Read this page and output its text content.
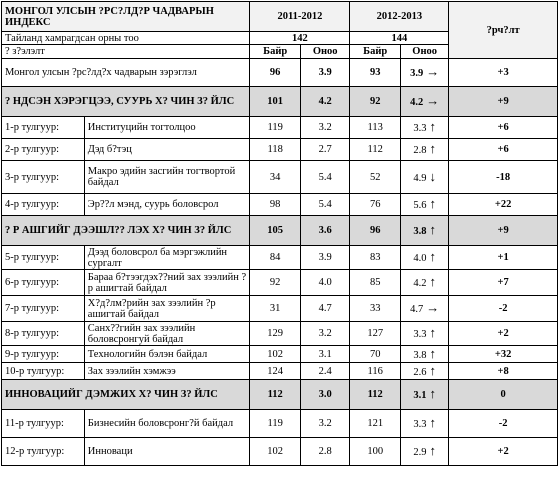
МОНГОЛ УЛСЫН ?РС?ЛД?Р ЧАДВАРЫН ИНДЕКС		2011-2012		2012-2013		?рч?лт

Тайланд хамрагдсан орны тоо		142		144		
? з?элэлт		Байр	Оноо	Байр	Оноо	
Монгол улсын ?рс?лд?х чадварын зэрэглэл		96	3.9	93	3.9 →	+3
? НДСЭН ХЭРЭГЦЭЭ, СУУРЬ Х? ЧИН З? ЙЛС		101	4.2	92	4.2 →	+9
1-р тулгуур:	Институцийн тогтолцоо	119	3.2	113	3.3 ↑	+6
2-р тулгуур:	Дэд б?тэц	118	2.7	112	2.8 ↑	+6
3-р тулгуур:	Макро эдийн засгийн тогтвортой байдал	34	5.4	52	4.9 ↓	-18
4-р тулгуур:	Эр??л мэнд, суурь боловсрол	98	5.4	76	5.6 ↑	+22
? Р АШГИЙГ ДЭЭШЛ?? ЛЭХ Х? ЧИН З? ЙЛС		105	3.6	96	3.8 ↑	+9
5-р тулгуур:	Дээд боловсрол ба мэргэжлийн сургалт	84	3.9	83	4.0 ↑	+1
6-р тулгуур:	Бараа б?тээгдэх??ний зах зээлийн ?р ашигтай байдал	92	4.0	85	4.2 ↑	+7
7-р тулгуур:	Х?д?лм?рийн зах зээлийн ?р ашигтай байдал	31	4.7	33	4.7 →	-2
8-р тулгуур:	Санх??гийн зах зээлийн боловсронгуй байдал	129	3.2	127	3.3 ↑	+2
9-р тулгуур:	Технологийн бэлэн байдал	102	3.1	70	3.8 ↑	+32
10-р тулгуур:	Зах зээлийн хэмжээ	124	2.4	116	2.6 ↑	+8
ИННОВАЦИЙГ ДЭМЖИХ Х? ЧИН З? ЙЛС		112	3.0	112	3.1 ↑	0
11-р тулгуур:	Бизнесийн боловсронг?й байдал	119	3.2	121	3.3 ↑	-2
12-р тулгуур:	Инноваци	102	2.8	100	2.9 ↑	+2
